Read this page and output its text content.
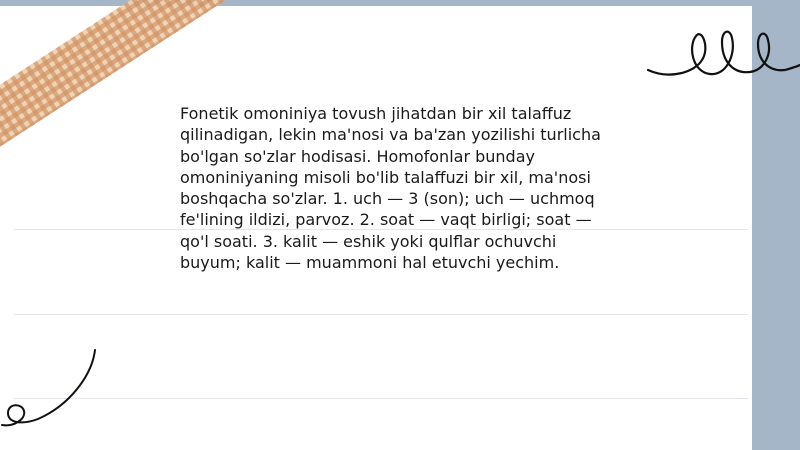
Fonetik omoniniya tovush jihatdan bir xil talaffuz qilinadigan, lekin ma'nosi va ba'zan yozilishi turlicha bo'lgan so'zlar hodisasi. Homofonlar bunday omoniniyaning misoli bo'lib talaffuzi bir xil, ma'nosi boshqacha so'zlar. 1. uch — 3 (son); uch — uchmoq fe'lining ildizi, parvoz. 2. soat — vaqt birligi; soat — qo'l soati. 3. kalit — eshik yoki qulflar ochuvchi buyum; kalit — muammoni hal etuvchi yechim.
